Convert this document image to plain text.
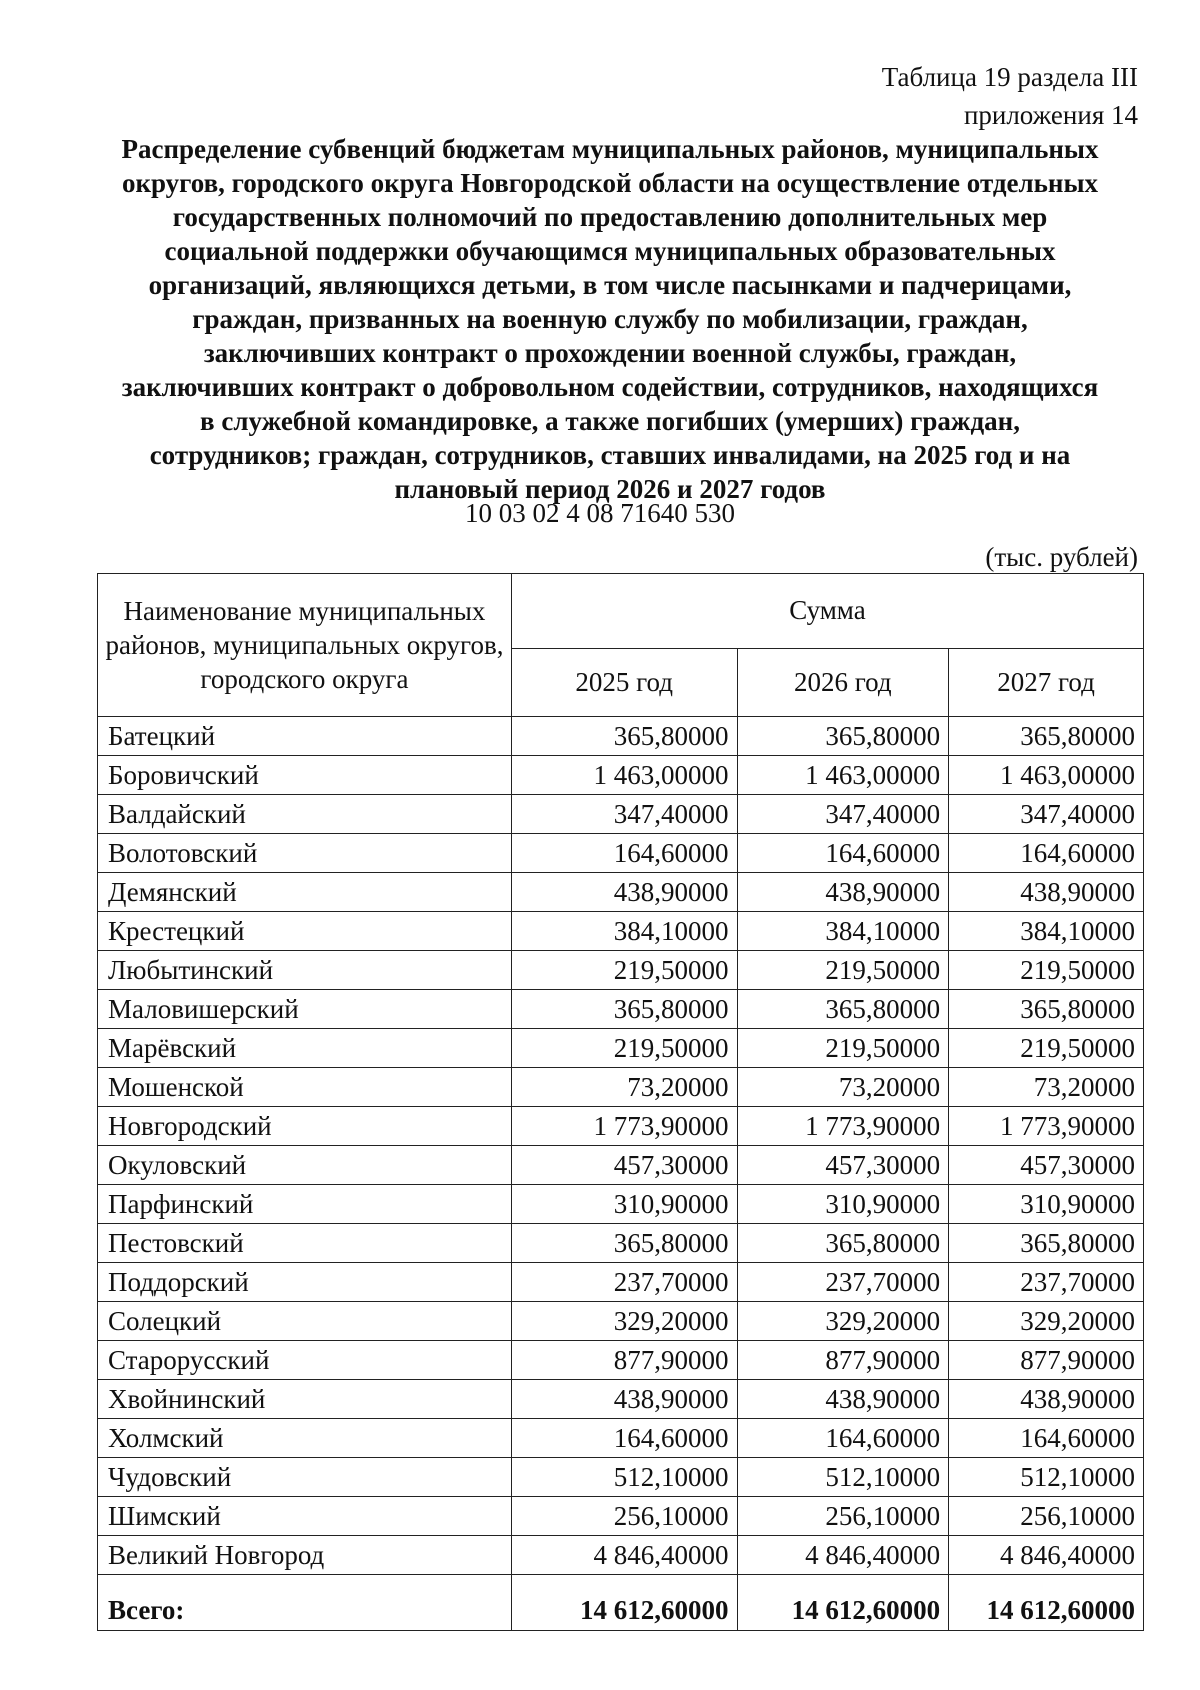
Таблица 19 раздела III
приложения 14
Распределение субвенций бюджетам муниципальных районов, муниципальных
округов, городского округа Новгородской области на осуществление отдельных
государственных полномочий по предоставлению дополнительных мер
социальной поддержки обучающимся муниципальных образовательных
организаций, являющихся детьми, в том числе пасынками и падчерицами,
граждан, призванных на военную службу по мобилизации, граждан,
заключивших контракт о прохождении военной службы, граждан,
заключивших контракт о добровольном содействии, сотрудников, находящихся
в служебной командировке, а также погибших (умерших) граждан,
сотрудников; граждан, сотрудников, ставших инвалидами, на 2025 год и на
плановый период 2026 и 2027 годов
10 03 02 4 08 71640 530
(тыс. рублей)
Наименование муниципальных
районов, муниципальных округов,
городского округа	Сумма		
	2025 год	2026 год	2027 год
Батецкий	365,80000	365,80000	365,80000
Боровичский	1 463,00000	1 463,00000	1 463,00000
Валдайский	347,40000	347,40000	347,40000
Волотовский	164,60000	164,60000	164,60000
Демянский	438,90000	438,90000	438,90000
Крестецкий	384,10000	384,10000	384,10000
Любытинский	219,50000	219,50000	219,50000
Маловишерский	365,80000	365,80000	365,80000
Марёвский	219,50000	219,50000	219,50000
Мошенской	73,20000	73,20000	73,20000
Новгородский	1 773,90000	1 773,90000	1 773,90000
Окуловский	457,30000	457,30000	457,30000
Парфинский	310,90000	310,90000	310,90000
Пестовский	365,80000	365,80000	365,80000
Поддорский	237,70000	237,70000	237,70000
Солецкий	329,20000	329,20000	329,20000
Старорусский	877,90000	877,90000	877,90000
Хвойнинский	438,90000	438,90000	438,90000
Холмский	164,60000	164,60000	164,60000
Чудовский	512,10000	512,10000	512,10000
Шимский	256,10000	256,10000	256,10000
Великий Новгород	4 846,40000	4 846,40000	4 846,40000
Всего:	14 612,60000	14 612,60000	14 612,60000
